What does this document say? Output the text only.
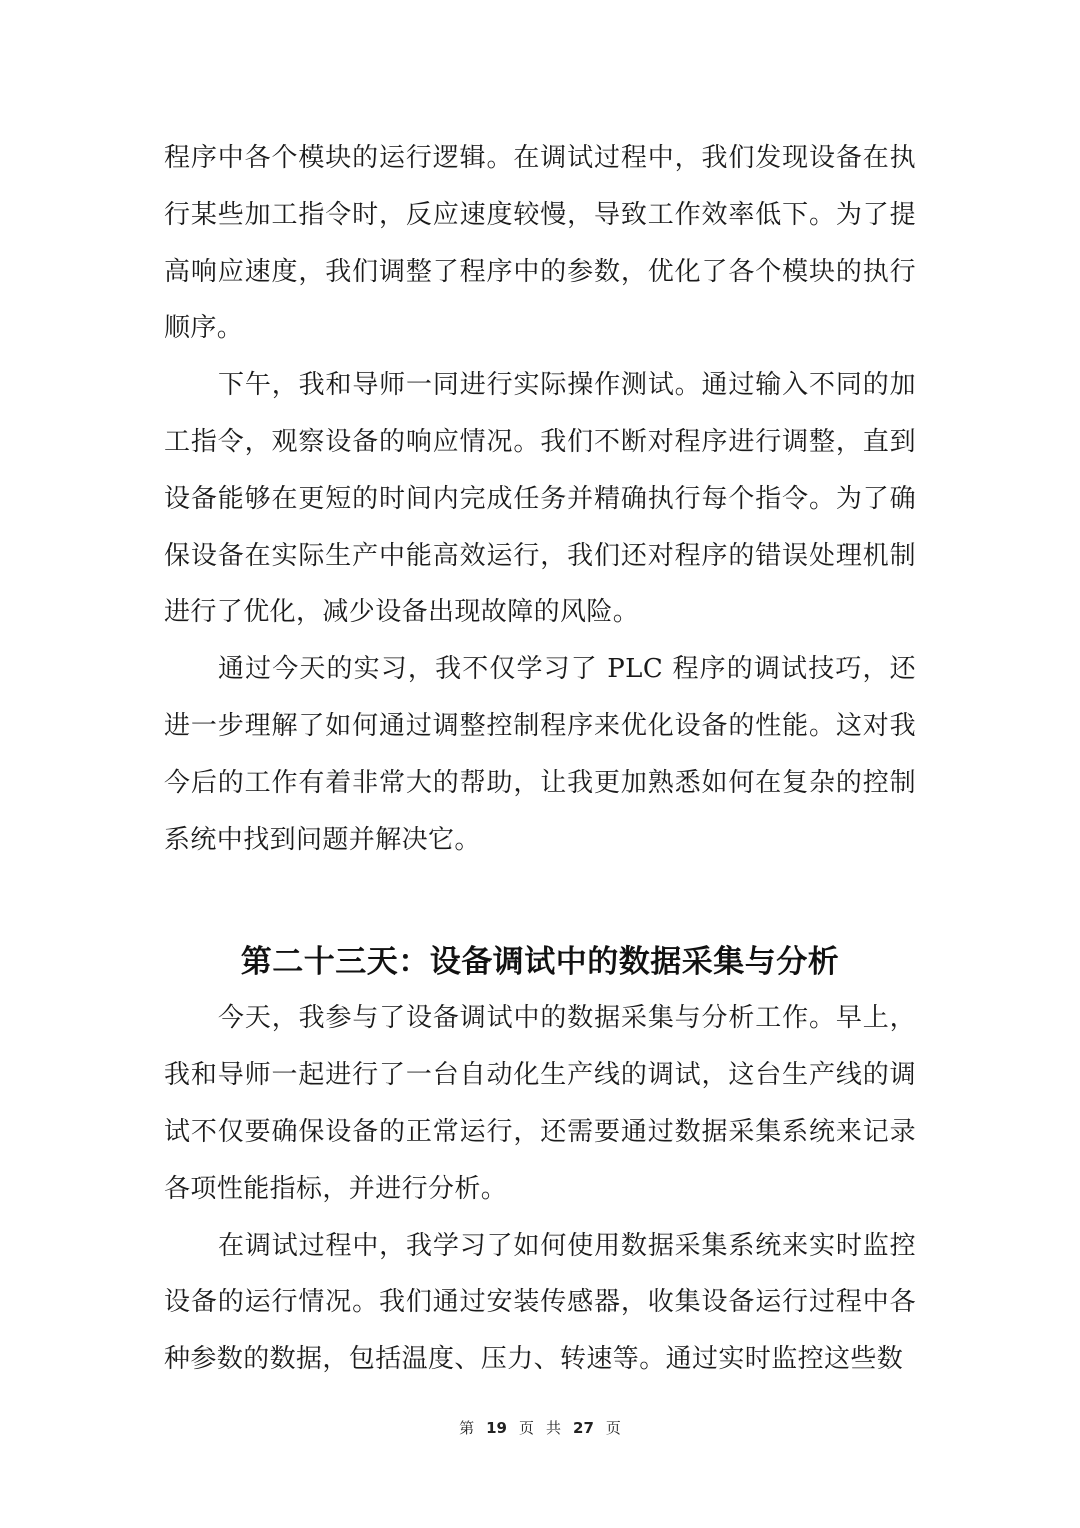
程序中各个模块的运行逻辑。在调试过程中，我们发现设备在执行某些加工指令时，反应速度较慢，导致工作效率低下。为了提高响应速度，我们调整了程序中的参数，优化了各个模块的执行顺序。

下午，我和导师一同进行实际操作测试。通过输入不同的加工指令，观察设备的响应情况。我们不断对程序进行调整，直到设备能够在更短的时间内完成任务并精确执行每个指令。为了确保设备在实际生产中能高效运行，我们还对程序的错误处理机制进行了优化，减少设备出现故障的风险。

通过今天的实习，我不仅学习了 PLC 程序的调试技巧，还进一步理解了如何通过调整控制程序来优化设备的性能。这对我今后的工作有着非常大的帮助，让我更加熟悉如何在复杂的控制系统中找到问题并解决它。

第二十三天：设备调试中的数据采集与分析

今天，我参与了设备调试中的数据采集与分析工作。早上，我和导师一起进行了一台自动化生产线的调试，这台生产线的调试不仅要确保设备的正常运行，还需要通过数据采集系统来记录各项性能指标，并进行分析。

在调试过程中，我学习了如何使用数据采集系统来实时监控设备的运行情况。我们通过安装传感器，收集设备运行过程中各种参数的数据，包括温度、压力、转速等。通过实时监控这些数

第 19 页 共 27 页
